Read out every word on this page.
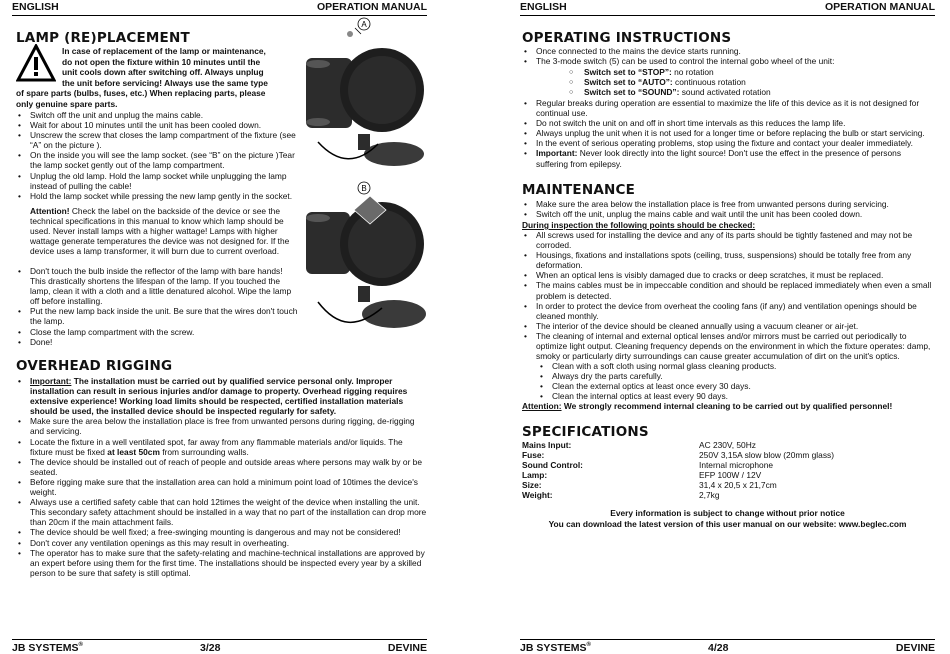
ENGLISH	OPERATION MANUAL
LAMP (RE)PLACEMENT
In case of replacement of the lamp or maintenance,
do not open the fixture within 10 minutes until the
unit cools down after switching off. Always unplug
the unit before servicing! Always use the same type
of spare parts (bulbs, fuses, etc.) When replacing parts, please
only genuine spare parts.
• Switch off the unit and unplug the mains cable.
• Wait for about 10 minutes until the unit has been cooled down.
• Unscrew the screw that closes the lamp compartment of the fixture (see “A” on the picture ).
• On the inside you will see the lamp socket. (see “B” on the picture )Tear the lamp socket gently out of the lamp compartment.
• Unplug the old lamp. Hold the lamp socket while unplugging the lamp instead of pulling the cable!
• Hold the lamp socket while pressing the new lamp gently in the socket.
Attention! Check the label on the backside of the device or see the technical specifications in this manual to know which lamp should be used. Never install lamps with a higher wattage! Lamps with higher wattage generate temperatures the device was not designed for. If the device uses a lamp transformer, it will burn due to current overload.
• Don't touch the bulb inside the reflector of the lamp with bare hands! This drastically shortens the lifespan of the lamp. If you touched the lamp, clean it with a cloth and a little denatured alcohol. Wipe the lamp off before installing.
• Put the new lamp back inside the unit. Be sure that the wires don't touch the lamp.
• Close the lamp compartment with the screw.
• Done!
A
B
OVERHEAD RIGGING
• Important: The installation must be carried out by qualified service personal only. Improper installation can result in serious injuries and/or damage to property. Overhead rigging requires extensive experience! Working load limits should be respected, certified installation materials should be used, the installed device should be inspected regularly for safety.
• Make sure the area below the installation place is free from unwanted persons during rigging, de-rigging and servicing.
• Locate the fixture in a well ventilated spot, far away from any flammable materials and/or liquids. The fixture must be fixed at least 50cm from surrounding walls.
• The device should be installed out of reach of people and outside areas where persons may walk by or be seated.
• Before rigging make sure that the installation area can hold a minimum point load of 10times the device's weight.
• Always use a certified safety cable that can hold 12times the weight of the device when installing the unit. This secondary safety attachment should be installed in a way that no part of the installation can drop more than 20cm if the main attachment fails.
• The device should be well fixed; a free-swinging mounting is dangerous and may not be considered!
• Don't cover any ventilation openings as this may result in overheating.
• The operator has to make sure that the safety-relating and machine-technical installations are approved by an expert before using them for the first time. The installations should be inspected every year by a skilled person to be sure that safety is still optimal.
JB SYSTEMS®	3/28	DEVINE
ENGLISH	OPERATION MANUAL
OPERATING INSTRUCTIONS
• Once connected to the mains the device starts running.
• The 3-mode switch (5) can be used to control the internal gobo wheel of the unit:
○ Switch set to “STOP”: no rotation
○ Switch set to “AUTO”: continuous rotation
○ Switch set to “SOUND”: sound activated rotation
• Regular breaks during operation are essential to maximize the life of this device as it is not designed for continual use.
• Do not switch the unit on and off in short time intervals as this reduces the lamp life.
• Always unplug the unit when it is not used for a longer time or before replacing the bulb or start servicing.
• In the event of serious operating problems, stop using the fixture and contact your dealer immediately.
• Important: Never look directly into the light source! Don't use the effect in the presence of persons suffering from epilepsy.
MAINTENANCE
• Make sure the area below the installation place is free from unwanted persons during servicing.
• Switch off the unit, unplug the mains cable and wait until the unit has been cooled down.
During inspection the following points should be checked:
• All screws used for installing the device and any of its parts should be tightly fastened and may not be corroded.
• Housings, fixations and installations spots (ceiling, truss, suspensions) should be totally free from any deformation.
• When an optical lens is visibly damaged due to cracks or deep scratches, it must be replaced.
• The mains cables must be in impeccable condition and should be replaced immediately when even a small problem is detected.
• In order to protect the device from overheat the cooling fans (if any) and ventilation openings should be cleaned monthly.
• The interior of the device should be cleaned annually using a vacuum cleaner or air-jet.
• The cleaning of internal and external optical lenses and/or mirrors must be carried out periodically to optimize light output. Cleaning frequency depends on the environment in which the fixture operates: damp, smoky or particularly dirty surroundings can cause greater accumulation of dirt on the unit's optics.
• Clean with a soft cloth using normal glass cleaning products.
• Always dry the parts carefully.
• Clean the external optics at least once every 30 days.
• Clean the internal optics at least every 90 days.
Attention: We strongly recommend internal cleaning to be carried out by qualified personnel!
SPECIFICATIONS
Mains Input:	AC 230V, 50Hz
Fuse:	250V 3,15A slow blow (20mm glass)
Sound Control:	Internal microphone
Lamp:	EFP 100W / 12V
Size:	31,4 x 20,5 x 21,7cm
Weight:	2,7kg
Every information is subject to change without prior notice
You can download the latest version of this user manual on our website: www.beglec.com
JB SYSTEMS®	4/28	DEVINE
